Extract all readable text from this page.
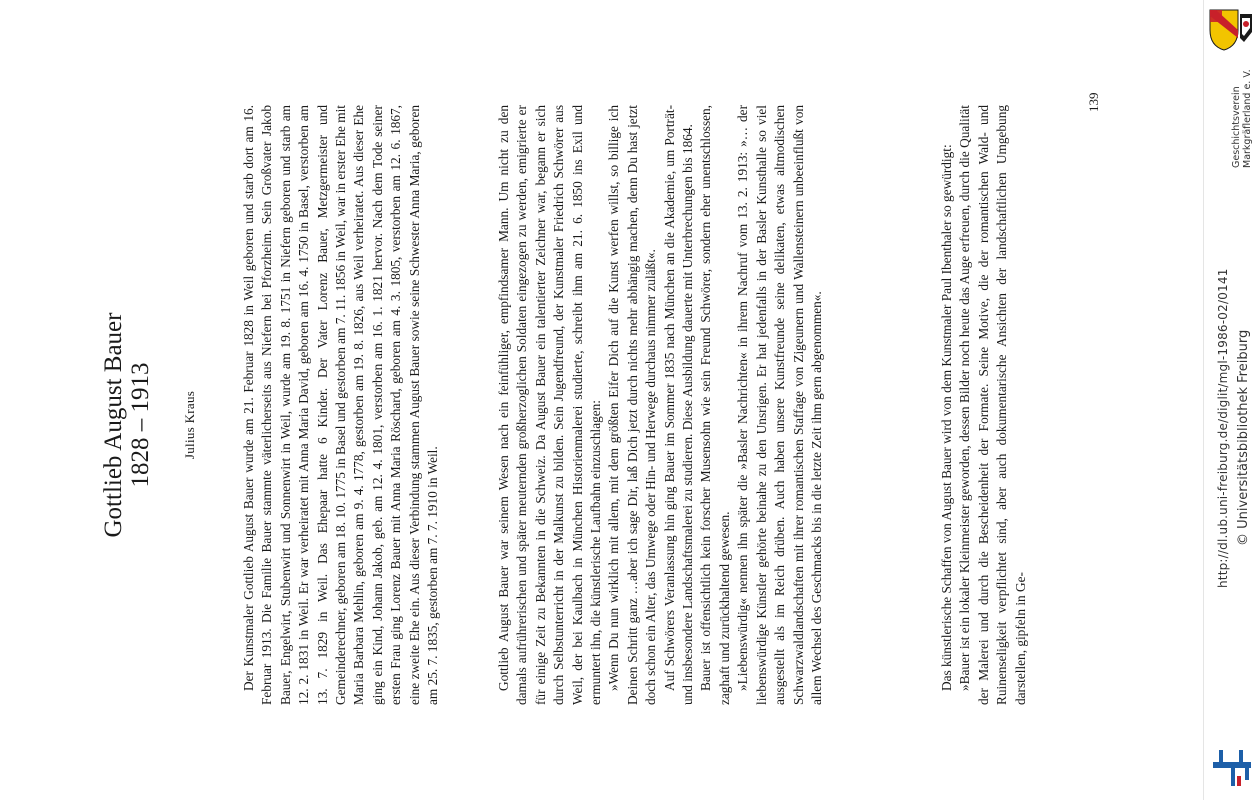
Gottlieb August Bauer 1828 – 1913 Julius Kraus	Der Kunstmaler Gottlieb August Bauer wurde am 21. Februar 1828 in Weil geboren und starb dort am 16. Februar 1913. Die Familie Bauer stammte väterlicherseits aus Niefern bei Pforzheim. Sein Großvater Jakob Bauer, Engelwirt, Stubenwirt und Sonnenwirt in Weil, wurde am 19. 8. 1751 in Niefern geboren und starb am 12. 2. 1831 in Weil. Er war verheiratet mit Anna Maria David, geboren am 16. 4. 1750 in Basel, verstorben am 13. 7. 1829 in Weil. Das Ehepaar hatte 6 Kinder. Der Vater Lorenz Bauer, Metzgermeister und Gemeinderechner, geboren am 18. 10. 1775 in Basel und gestorben am 7. 11. 1856 in Weil, war in erster Ehe mit Maria Barbara Mehlin, geboren am 9. 4. 1778, gestorben am 19. 8. 1826, aus Weil verheiratet. Aus dieser Ehe ging ein Kind, Johann Jakob, geb. am 12. 4. 1801, verstorben am 16. 1. 1821 hervor. Nach dem Tode seiner ersten Frau ging Lorenz Bauer mit Anna Maria Röschard, geboren am 4. 3. 1805, verstorben am 12. 6. 1867, eine zweite Ehe ein. Aus dieser Verbindung stammen August Bauer sowie seine Schwester Anna Maria, geboren am 25. 7. 1835, gestorben am 7. 7. 1910 in Weil.	Gottlieb August Bauer war seinem Wesen nach ein feinfühliger, empfindsamer Mann. Um nicht zu den damals aufrührerischen und später meuternden großherzoglichen Soldaten eingezogen zu werden, emigrierte er für einige Zeit zu Bekannten in die Schweiz. Da August Bauer ein talentierter Zeichner war, begann er sich durch Selbstunterricht in der Malkunst zu bilden. Sein Jugendfreund, der Kunstmaler Friedrich Schwörer aus Weil, der bei Kaulbach in München Historienmalerei studierte, schreibt ihm am 21. 6. 1850 ins Exil und ermuntert ihn, die künstlerische Laufbahn einzuschlagen: »Wenn Du nun wirklich mit allem, mit dem größten Eifer Dich auf die Kunst werfen willst, so billige ich Deinen Schritt ganz …aber ich sage Dir, laß Dich jetzt durch nichts mehr abhängig machen, denn Du hast jetzt doch schon ein Alter, das Umwege oder Hin- und Herwege durchaus nimmer zuläßt«. Auf Schwörers Veranlassung hin ging Bauer im Sommer 1835 nach München an die Akademie, um Porträt- und insbesondere Landschaftsmalerei zu studieren. Diese Ausbildung dauerte mit Unterbrechungen bis 1864. Bauer ist offensichtlich kein forscher Musensohn wie sein Freund Schwörer, sondern eher unentschlossen, zaghaft und zurückhaltend gewesen. »Liebenswürdig« nennen ihn später die »Basler Nachrichten« in ihrem Nachruf vom 13. 2. 1913: »… der liebenswürdige Künstler gehörte beinahe zu den Unsrigen. Er hat jedenfalls in der Basler Kunsthalle so viel ausgestellt als im Reich drüben. Auch haben unsere Kunstfreunde seine delikaten, etwas altmodischen Schwarzwaldlandschaften mit ihrer romantischen Staffage von Zigeunern und Wallensteinern unbeeinflußt von allem Wechsel des Geschmacks bis in die letzte Zeit ihm gern abgenommen«.	Das künstlerische Schaffen von August Bauer wird von dem Kunstmaler Paul Ibenthaler so gewürdigt: »Bauer ist ein lokaler Kleinmeister geworden, dessen Bilder noch heute das Auge erfreuen, durch die Qualität der Malerei und durch die Bescheidenheit der Formate. Seine Motive, die der romantischen Wald- und Ruinenseligkeit verpflichtet sind, aber auch dokumentarische Ansichten der landschaftlichen Umgebung darstellen, gipfeln in Ge-

139
http://dl.ub.uni-freiburg.de/diglit/mgl-1986-02/0141 © Universitätsbibliothek Freiburg
Geschichtsverein Markgräflerland e. V.
